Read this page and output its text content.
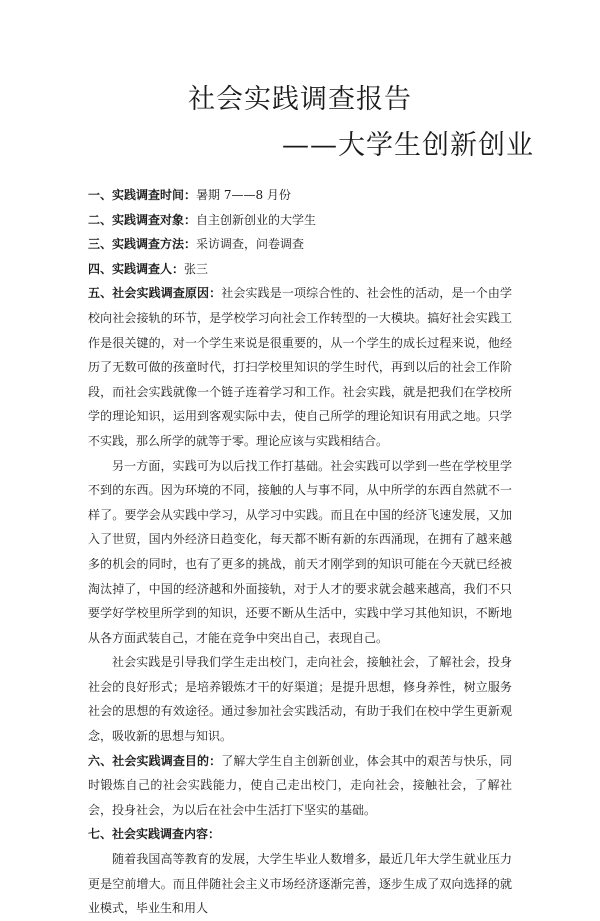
社会实践调查报告
——大学生创新创业

一、实践调查时间：暑期 7——8 月份

二、实践调查对象：自主创新创业的大学生

三、实践调查方法：采访调查，问卷调查

四、实践调查人：张三

五、社会实践调查原因：社会实践是一项综合性的、社会性的活动，是一个由学校向社会接轨的环节，是学校学习向社会工作转型的一大模块。搞好社会实践工作是很关键的，对一个学生来说是很重要的，从一个学生的成长过程来说，他经历了无数可做的孩童时代，打扫学校里知识的学生时代，再到以后的社会工作阶段，而社会实践就像一个链子连着学习和工作。社会实践，就是把我们在学校所学的理论知识，运用到客观实际中去，使自己所学的理论知识有用武之地。只学不实践，那么所学的就等于零。理论应该与实践相结合。

另一方面，实践可为以后找工作打基础。社会实践可以学到一些在学校里学不到的东西。因为环境的不同，接触的人与事不同，从中所学的东西自然就不一样了。要学会从实践中学习，从学习中实践。而且在中国的经济飞速发展，又加入了世贸，国内外经济日趋变化，每天都不断有新的东西涌现，在拥有了越来越多的机会的同时，也有了更多的挑战，前天才刚学到的知识可能在今天就已经被淘汰掉了，中国的经济越和外面接轨，对于人才的要求就会越来越高，我们不只要学好学校里所学到的知识，还要不断从生活中，实践中学习其他知识，不断地从各方面武装自己，才能在竞争中突出自己，表现自己。

社会实践是引导我们学生走出校门，走向社会，接触社会，了解社会，投身社会的良好形式；是培养锻炼才干的好渠道；是提升思想，修身养性，树立服务社会的思想的有效途径。通过参加社会实践活动，有助于我们在校中学生更新观念，吸收新的思想与知识。

六、社会实践调查目的：了解大学生自主创新创业，体会其中的艰苦与快乐，同时锻炼自己的社会实践能力，使自己走出校门，走向社会，接触社会，了解社会，投身社会，为以后在社会中生活打下坚实的基础。

七、社会实践调查内容：

随着我国高等教育的发展，大学生毕业人数增多，最近几年大学生就业压力更是空前增大。而且伴随社会主义市场经济逐渐完善，逐步生成了双向选择的就业模式，毕业生和用人
